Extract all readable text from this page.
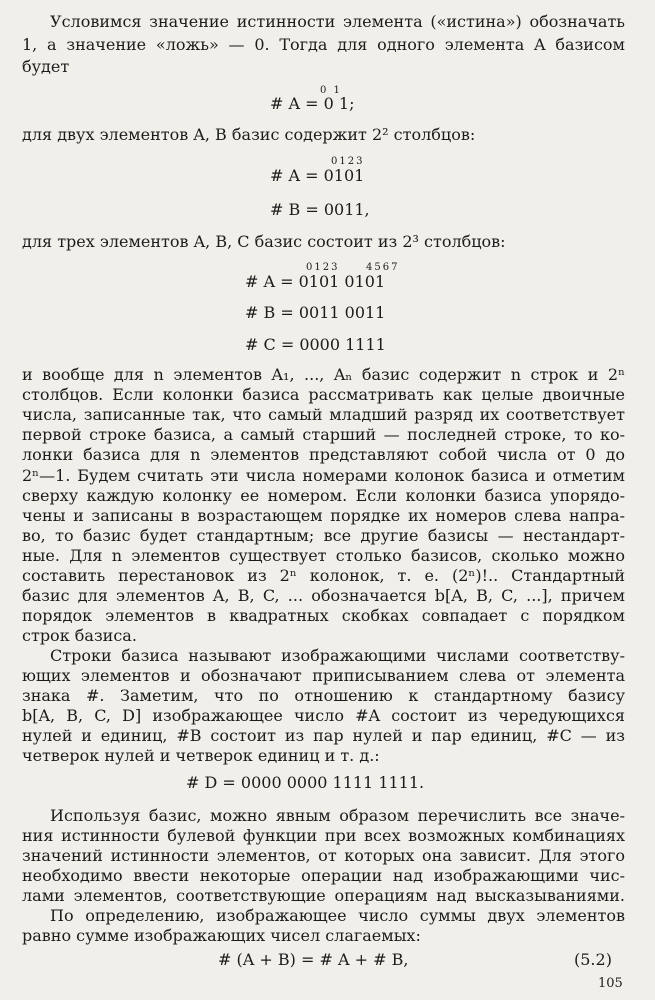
Условимся значение истинности элемента («истина») обозначать
1, а значение «ложь» — 0. Тогда для одного элемента A базисом
будет
0 1
# A = 0 1;
для двух элементов A, B базис содержит 2² столбцов:
0123
# A = 0101
# B = 0011,
для трех элементов A, B, C базис состоит из 2³ столбцов:
0123	4567
# A = 0101 0101
# B = 0011 0011
# C = 0000 1111
и вообще для n элементов A₁, ..., Aₙ базис содержит n строк и 2ⁿ
столбцов. Если колонки базиса рассматривать как целые двоичные
числа, записанные так, что самый младший разряд их соответствует
первой строке базиса, а самый старший — последней строке, то ко-
лонки базиса для n элементов представляют собой числа от 0 до
2ⁿ—1. Будем считать эти числа номерами колонок базиса и отметим
сверху каждую колонку ее номером. Если колонки базиса упорядо-
чены и записаны в возрастающем порядке их номеров слева напра-
во, то базис будет стандартным; все другие базисы — нестандарт-
ные. Для n элементов существует столько базисов, сколько можно
составить перестановок из 2ⁿ колонок, т. е. (2ⁿ)!.. Стандартный
базис для элементов A, B, C, ... обозначается b[A, B, C, ...], причем
порядок элементов в квадратных скобках совпадает с порядком
строк базиса.
Строки базиса называют изображающими числами соответству-
ющих элементов и обозначают приписыванием слева от элемента
знака #. Заметим, что по отношению к стандартному базису
b[A, B, C, D] изображающее число #A состоит из чередующихся
нулей и единиц, #B состоит из пар нулей и пар единиц, #C — из
четверок нулей и четверок единиц и т. д.:
# D = 0000 0000 1111 1111.
Используя базис, можно явным образом перечислить все значе-
ния истинности булевой функции при всех возможных комбинациях
значений истинности элементов, от которых она зависит. Для этого
необходимо ввести некоторые операции над изображающими чис-
лами элементов, соответствующие операциям над высказываниями.
По определению, изображающее число суммы двух элементов
равно сумме изображающих чисел слагаемых:
# (A + B) = # A + # B,	(5.2)
105
